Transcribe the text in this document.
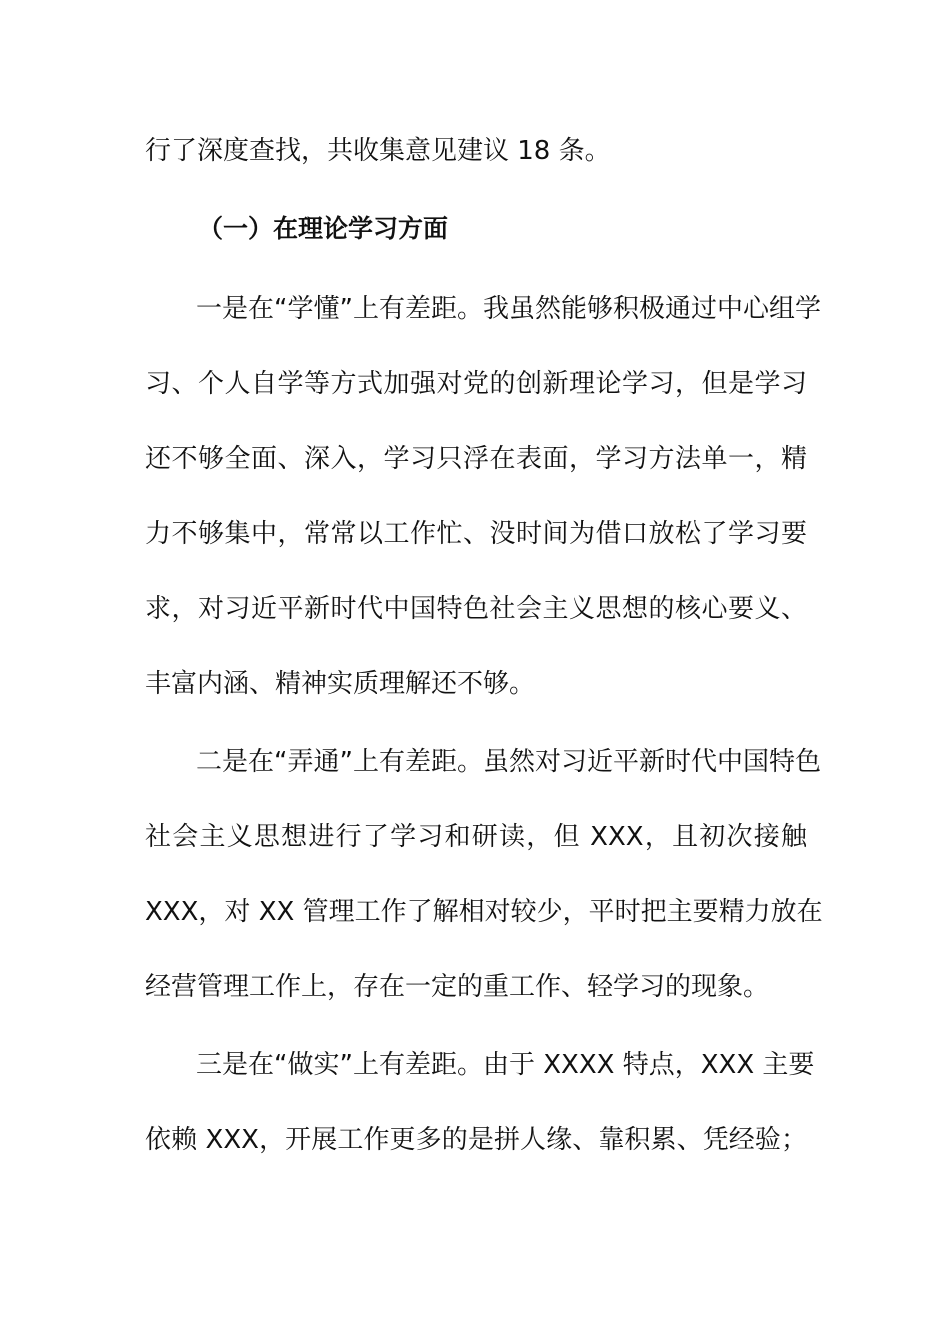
行了深度查找，共收集意见建议 18 条。
（一）在理论学习方面
一是在“学懂”上有差距。我虽然能够积极通过中心组学
习、个人自学等方式加强对党的创新理论学习，但是学习
还不够全面、深入，学习只浮在表面，学习方法单一，精
力不够集中，常常以工作忙、没时间为借口放松了学习要
求，对习近平新时代中国特色社会主义思想的核心要义、
丰富内涵、精神实质理解还不够。
二是在“弄通”上有差距。虽然对习近平新时代中国特色
社会主义思想进行了学习和研读，但 XXX，且初次接触
XXX，对 XX 管理工作了解相对较少，平时把主要精力放在
经营管理工作上，存在一定的重工作、轻学习的现象。
三是在“做实”上有差距。由于 XXXX 特点，XXX 主要
依赖 XXX，开展工作更多的是拼人缘、靠积累、凭经验；
